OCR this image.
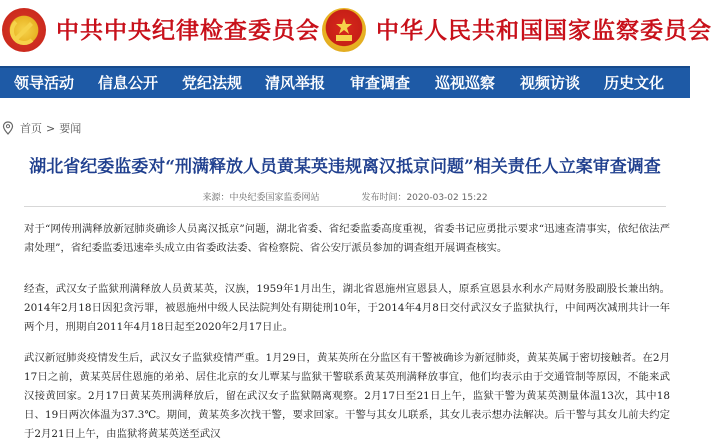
中共中央纪律检查委员会 中华人民共和国国家监察委员会
领导活动 信息公开 党纪法规 清风举报 审查调查 巡视巡察 视频访谈 历史文化
首页 > 要闻
湖北省纪委监委对“刑满释放人员黄某英违规离汉抵京问题”相关责任人立案审查调查
来源：中央纪委国家监委网站	发布时间：2020-03-02 15:22

对于“网传刑满释放新冠肺炎确诊人员离汉抵京”问题，湖北省委、省纪委监委高度重视，省委书记应勇批示要求“迅速查清事实，依纪依法严肃处理”，省纪委监委迅速牵头成立由省委政法委、省检察院、省公安厅派员参加的调查组开展调查核实。

经查，武汉女子监狱刑满释放人员黄某英，汉族，1959年1月出生，湖北省恩施州宣恩县人，原系宣恩县水利水产局财务股副股长兼出纳。2014年2月18日因犯贪污罪，被恩施州中级人民法院判处有期徒刑10年，于2014年4月8日交付武汉女子监狱执行，中间两次减刑共计一年两个月，刑期自2011年4月18日起至2020年2月17日止。

武汉新冠肺炎疫情发生后，武汉女子监狱疫情严重。1月29日，黄某英所在分监区有干警被确诊为新冠肺炎，黄某英属于密切接触者。在2月17日之前，黄某英居住恩施的弟弟、居住北京的女儿覃某与监狱干警联系黄某英刑满释放事宜，他们均表示由于交通管制等原因，不能来武汉接黄回家。2月17日黄某英刑满释放后，留在武汉女子监狱隔离观察。2月17日至21日上午，监狱干警为黄某英测量体温13次，其中18日、19日两次体温为37.3℃。期间，黄某英多次找干警，要求回家。干警与其女儿联系，其女儿表示想办法解决。后干警与其女儿前夫约定于2月21日上午，由监狱将黄某英送至武汉
